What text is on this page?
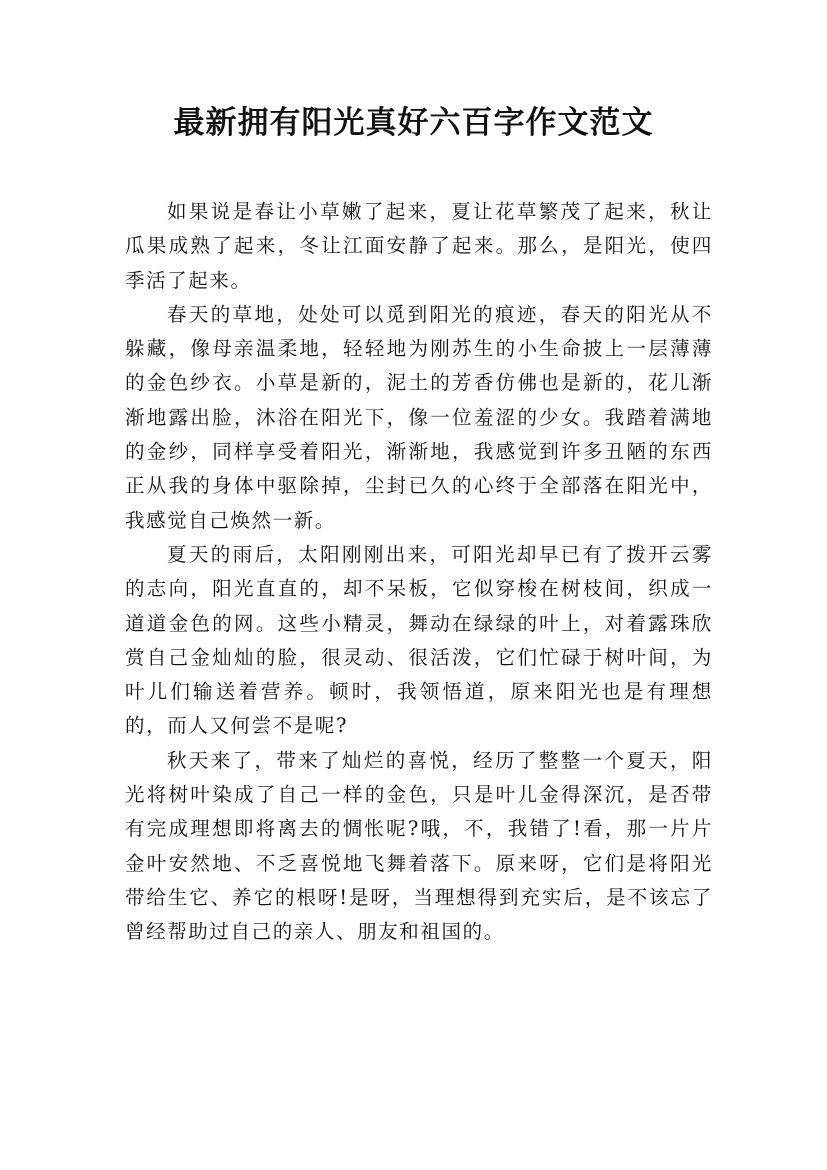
最新拥有阳光真好六百字作文范文

如果说是春让小草嫩了起来，夏让花草繁茂了起来，秋让瓜果成熟了起来，冬让江面安静了起来。那么，是阳光，使四季活了起来。

春天的草地，处处可以觅到阳光的痕迹，春天的阳光从不躲藏，像母亲温柔地，轻轻地为刚苏生的小生命披上一层薄薄的金色纱衣。小草是新的，泥土的芳香仿佛也是新的，花儿渐渐地露出脸，沐浴在阳光下，像一位羞涩的少女。我踏着满地的金纱，同样享受着阳光，渐渐地，我感觉到许多丑陋的东西正从我的身体中驱除掉，尘封已久的心终于全部落在阳光中，我感觉自己焕然一新。

夏天的雨后，太阳刚刚出来，可阳光却早已有了拨开云雾的志向，阳光直直的，却不呆板，它似穿梭在树枝间，织成一道道金色的网。这些小精灵，舞动在绿绿的叶上，对着露珠欣赏自己金灿灿的脸，很灵动、很活泼，它们忙碌于树叶间，为叶儿们输送着营养。顿时，我领悟道，原来阳光也是有理想的，而人又何尝不是呢?

秋天来了，带来了灿烂的喜悦，经历了整整一个夏天，阳光将树叶染成了自己一样的金色，只是叶儿金得深沉，是否带有完成理想即将离去的惆怅呢?哦，不，我错了!看，那一片片金叶安然地、不乏喜悦地飞舞着落下。原来呀，它们是将阳光带给生它、养它的根呀!是呀，当理想得到充实后，是不该忘了曾经帮助过自己的亲人、朋友和祖国的。
